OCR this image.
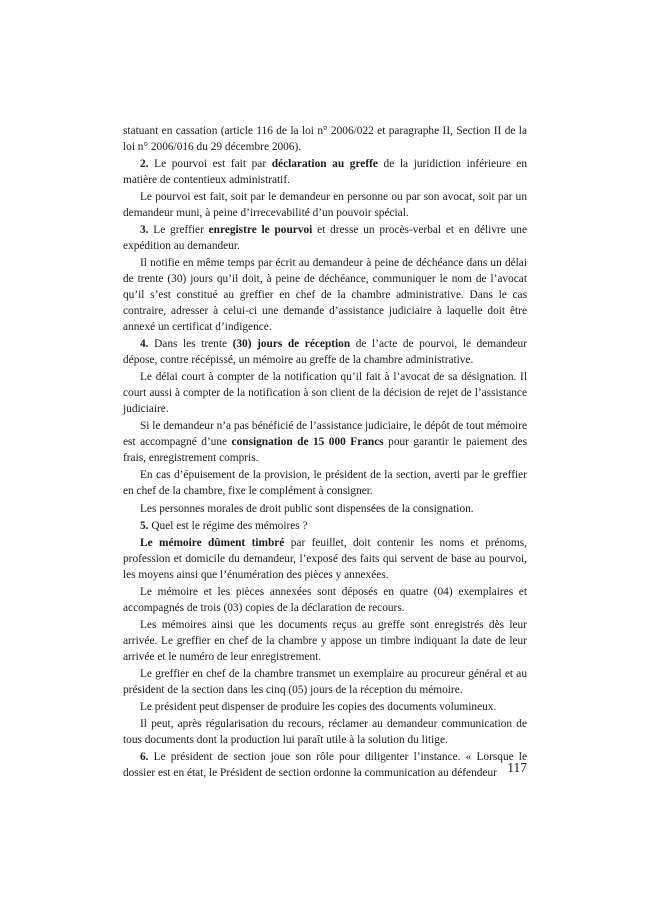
statuant en cassation (article 116 de la loi n° 2006/022 et paragraphe II, Section II de la loi n° 2006/016 du 29 décembre 2006).

2. Le pourvoi est fait par déclaration au greffe de la juridiction inférieure en matière de contentieux administratif.

Le pourvoi est fait, soit par le demandeur en personne ou par son avocat, soit par un demandeur muni, à peine d’irrecevabilité d’un pouvoir spécial.

3. Le greffier enregistre le pourvoi et dresse un procès-verbal et en délivre une expédition au demandeur.

Il notifie en même temps par écrit au demandeur à peine de déchéance dans un délai de trente (30) jours qu’il doit, à peine de déchéance, communiquer le nom de l’avocat qu’il s’est constitué au greffier en chef de la chambre administrative. Dans le cas contraire, adresser à celui-ci une demande d’assistance judiciaire à laquelle doit être annexé un certificat d’indigence.

4. Dans les trente (30) jours de réception de l’acte de pourvoi, le demandeur dépose, contre récépissé, un mémoire au greffe de la chambre administrative.

Le délai court à compter de la notification qu’il fait à l’avocat de sa désignation. Il court aussi à compter de la notification à son client de la décision de rejet de l’assistance judiciaire.

Si le demandeur n’a pas bénéficié de l’assistance judiciaire, le dépôt de tout mémoire est accompagné d’une consignation de 15 000 Francs pour garantir le paiement des frais, enregistrement compris.

En cas d’épuisement de la provision, le président de la section, averti par le greffier en chef de la chambre, fixe le complément à consigner.

Les personnes morales de droit public sont dispensées de la consignation.

5. Quel est le régime des mémoires ?

Le mémoire dûment timbré par feuillet, doit contenir les noms et prénoms, profession et domicile du demandeur, l’exposé des faits qui servent de base au pourvoi, les moyens ainsi que l’énumération des pièces y annexées.

Le mémoire et les pièces annexées sont déposés en quatre (04) exemplaires et accompagnés de trois (03) copies de la déclaration de recours.

Les mémoires ainsi que les documents reçus au greffe sont enregistrés dès leur arrivée. Le greffier en chef de la chambre y appose un timbre indiquant la date de leur arrivée et le numéro de leur enregistrement.

Le greffier en chef de la chambre transmet un exemplaire au procureur général et au président de la section dans les cinq (05) jours de la réception du mémoire.

Le président peut dispenser de produire les copies des documents volumineux.

Il peut, après régularisation du recours, réclamer au demandeur communication de tous documents dont la production lui paraît utile à la solution du litige.

6. Le président de section joue son rôle pour diligenter l’instance. « Lorsque le dossier est en état, le Président de section ordonne la communication au défendeur 117
